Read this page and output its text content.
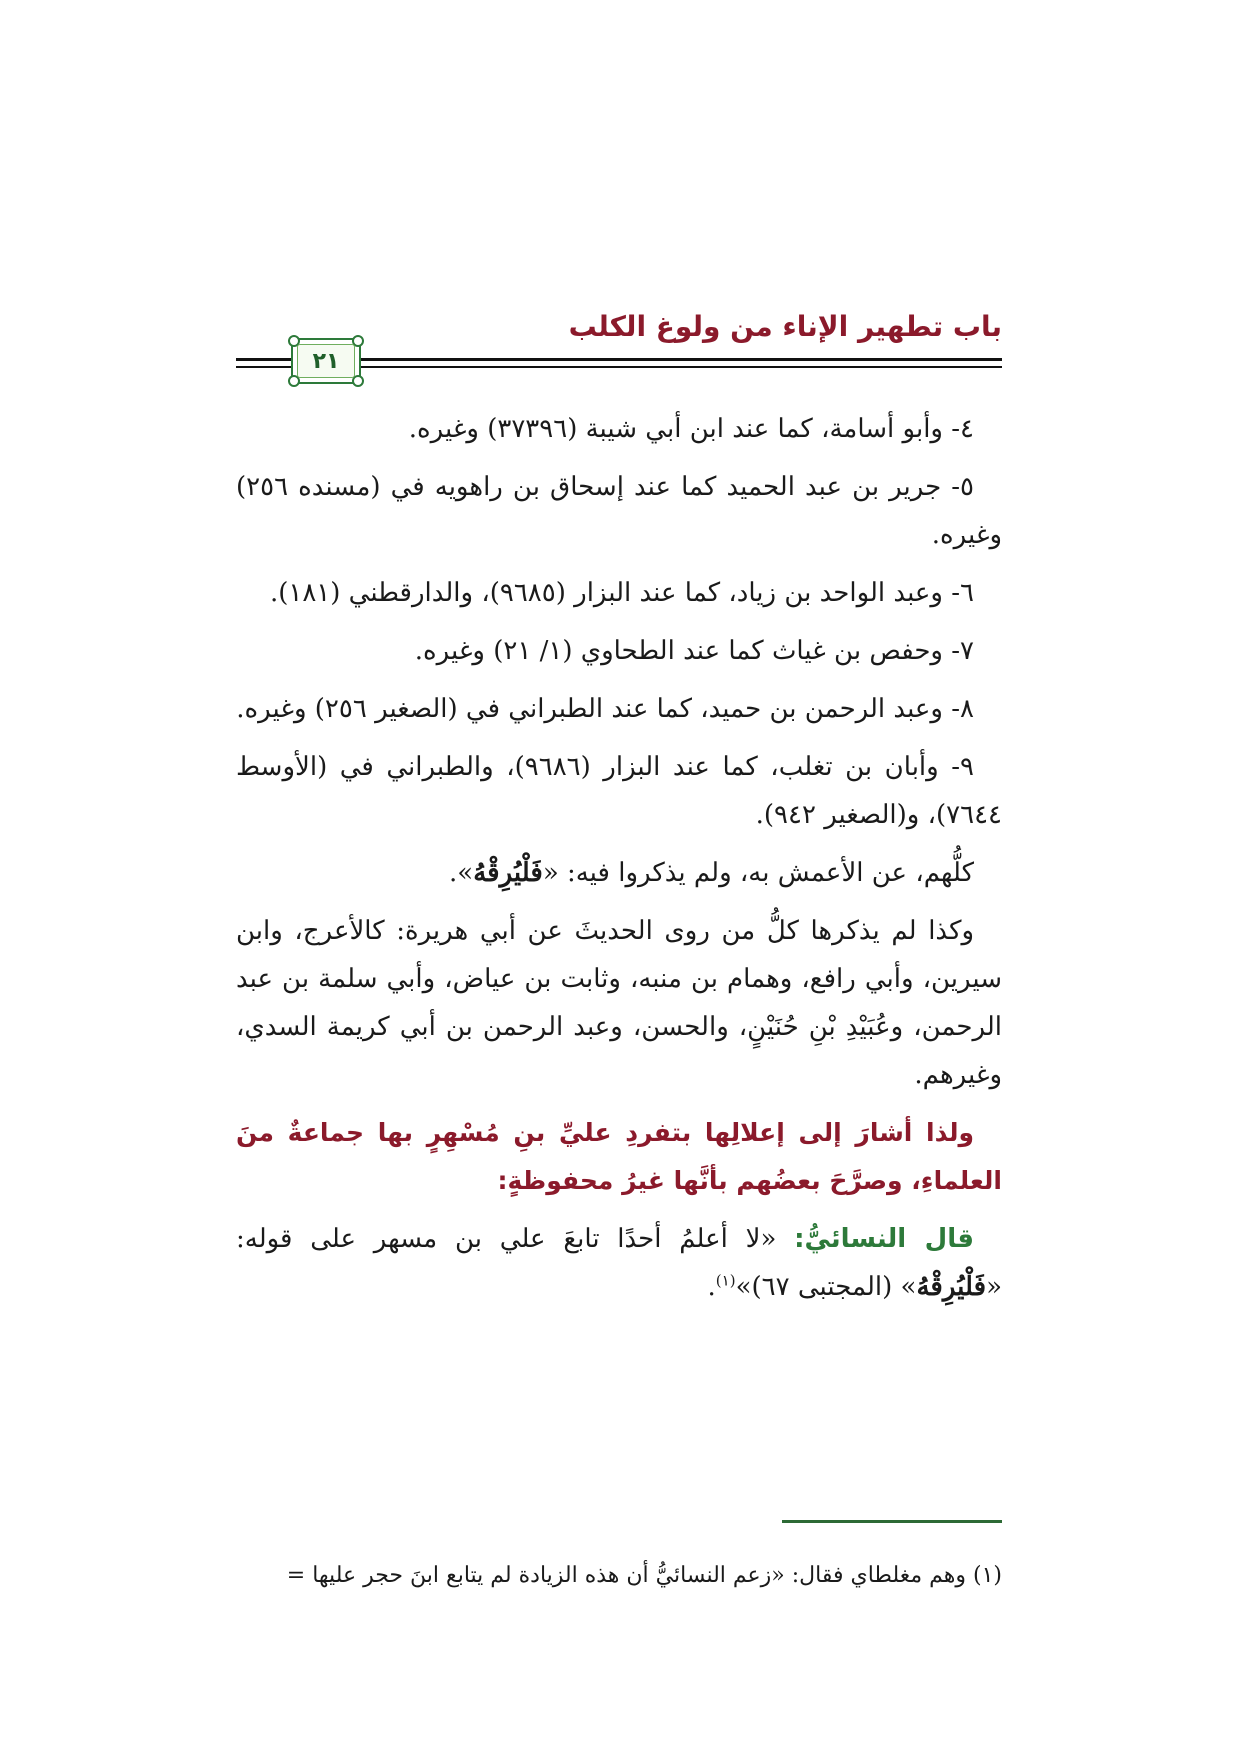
باب تطهير الإناء من ولوغ الكلب
٢١

٤- وأبو أسامة، كما عند ابن أبي شيبة (٣٧٣٩٦) وغيره.

٥- جرير بن عبد الحميد كما عند إسحاق بن راهويه في (مسنده ٢٥٦) وغيره.

٦- وعبد الواحد بن زياد، كما عند البزار (٩٦٨٥)، والدارقطني (١٨١).

٧- وحفص بن غياث كما عند الطحاوي (١/ ٢١) وغيره.

٨- وعبد الرحمن بن حميد، كما عند الطبراني في (الصغير ٢٥٦) وغيره.

٩- وأبان بن تغلب، كما عند البزار (٩٦٨٦)، والطبراني في (الأوسط ٧٦٤٤)، و(الصغير ٩٤٢).

كلُّهم، عن الأعمش به، ولم يذكروا فيه: «فَلْيُرِقْهُ».

وكذا لم يذكرها كلُّ من روى الحديثَ عن أبي هريرة: كالأعرج، وابن سيرين، وأبي رافع، وهمام بن منبه، وثابت بن عياض، وأبي سلمة بن عبد الرحمن، وعُبَيْدِ بْنِ حُنَيْنٍ، والحسن، وعبد الرحمن بن أبي كريمة السدي، وغيرهم.

ولذا أشارَ إلى إعلالِها بتفردِ عليِّ بنِ مُسْهِرٍ بها جماعةٌ منَ العلماءِ، وصرَّحَ بعضُهم بأنَّها غيرُ محفوظةٍ:

قال النسائيُّ: «لا أعلمُ أحدًا تابعَ علي بن مسهر على قوله: «فَلْيُرِقْهُ» (المجتبى ٦٧)»$^{(١)}$.

(١) وهم مغلطاي فقال: «زعم النسائيُّ أن هذه الزيادة لم يتابع ابنَ حجر عليها =
